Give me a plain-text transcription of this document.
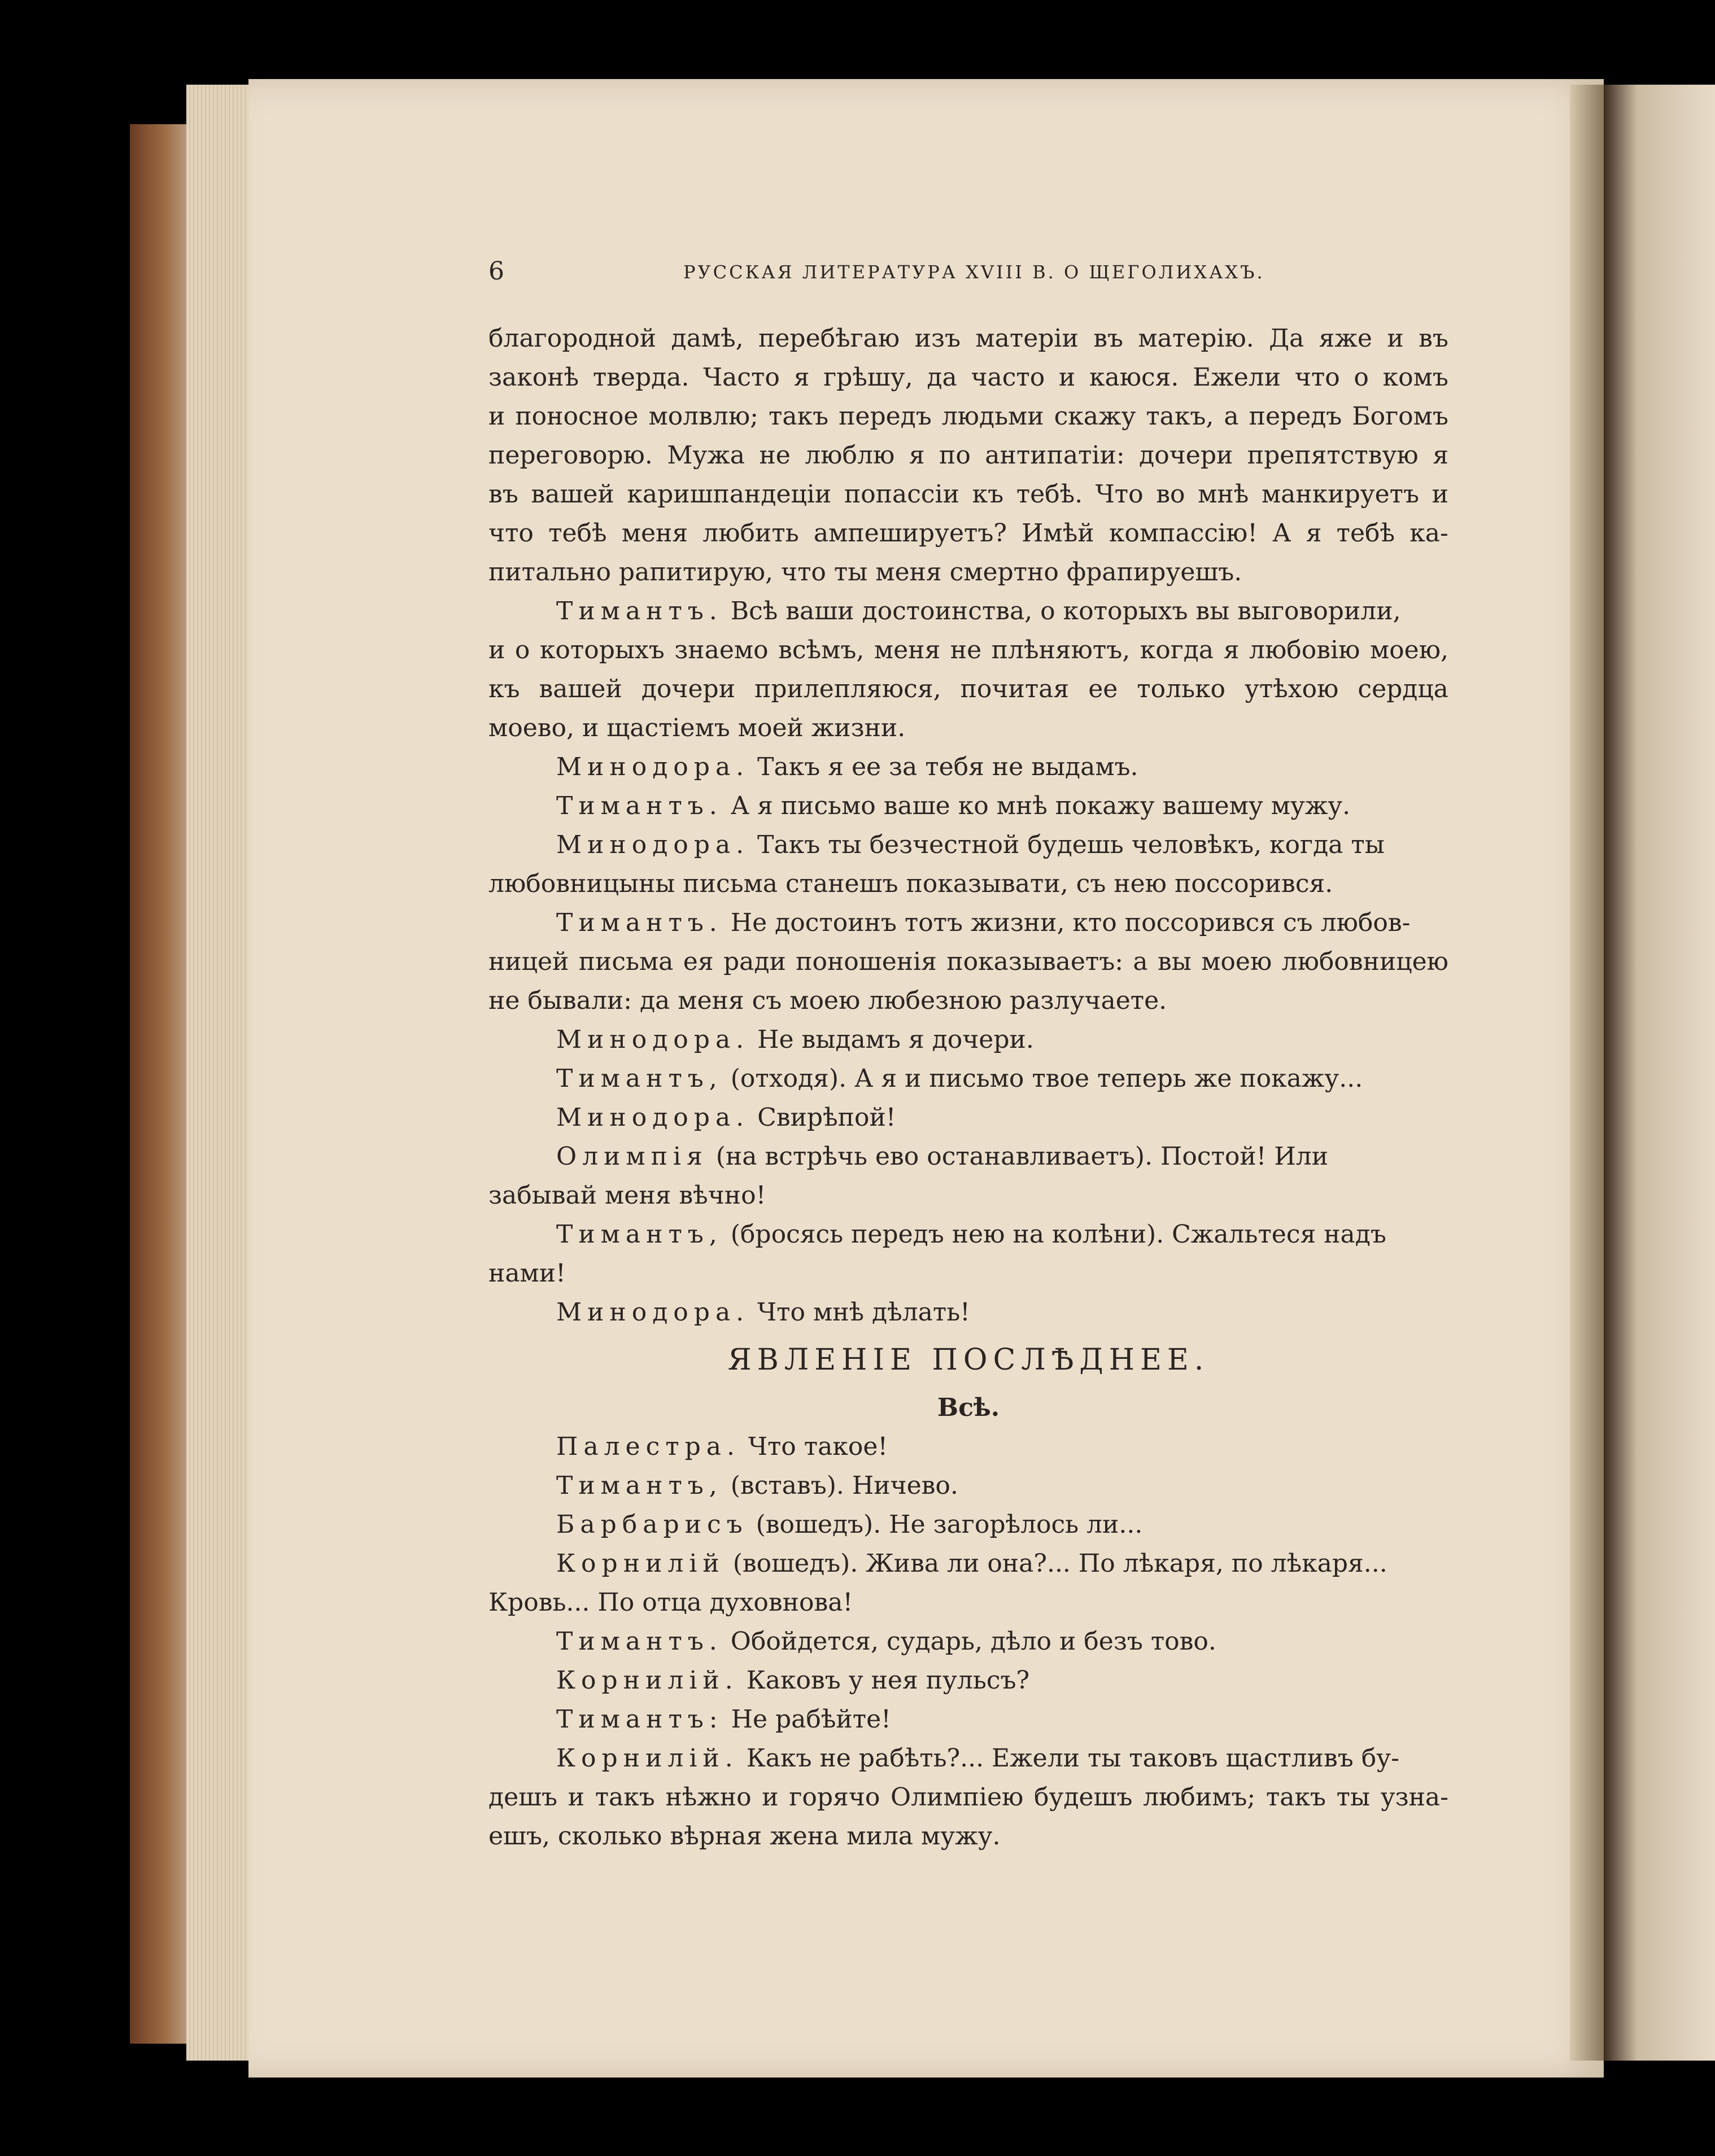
6	РУССКАЯ ЛИТЕРАТУРА XVIII В. О ЩЕГОЛИХАХЪ.
благородной дамѣ, перебѣгаю изъ матеріи въ матерію. Да яже и въ
законѣ тверда. Часто я грѣшу, да часто и каюся. Ежели что о комъ
и поносное молвлю; такъ передъ людьми скажу такъ, а передъ Богомъ
переговорю. Мужа не люблю я по антипатіи: дочери препятствую я
въ вашей каришпандеціи попассіи къ тебѣ. Что во мнѣ манкируетъ и
что тебѣ меня любить ампешируетъ? Имѣй компассію! А я тебѣ ка-
питально рапитирую, что ты меня смертно фрапируешъ.
Тимантъ. Всѣ ваши достоинства, о которыхъ вы выговорили,
и о которыхъ знаемо всѣмъ, меня не плѣняютъ, когда я любовію моею,
къ вашей дочери прилепляюся, почитая ее только утѣхою сердца
моево, и щастіемъ моей жизни.
Минодора. Такъ я ее за тебя не выдамъ.
Тимантъ. А я письмо ваше ко мнѣ покажу вашему мужу.
Минодора. Такъ ты безчестной будешь человѣкъ, когда ты
любовницыны письма станешъ показывати, съ нею поссорився.
Тимантъ. Не достоинъ тотъ жизни, кто поссорився съ любов-
ницей письма ея ради поношенія показываетъ: а вы моею любовницею
не бывали: да меня съ моею любезною разлучаете.
Минодора. Не выдамъ я дочери.
Тимантъ, (отходя). А я и письмо твое теперь же покажу...
Минодора. Свирѣпой!
Олимпія (на встрѣчь ево останавливаетъ). Постой! Или
забывай меня вѣчно!
Тимантъ, (бросясь передъ нею на колѣни). Сжальтеся надъ
нами!
Минодора. Что мнѣ дѣлать!
ЯВЛЕНІЕ ПОСЛѢДНЕЕ.
Всѣ.
Палестра. Что такое!
Тимантъ, (вставъ). Ничево.
Барбарисъ (вошедъ). Не загорѣлось ли...
Корнилій (вошедъ). Жива ли она?... По лѣкаря, по лѣкаря...
Кровь... По отца духовнова!
Тимантъ. Обойдется, сударь, дѣло и безъ тово.
Корнилій. Каковъ у нея пульсъ?
Тимантъ: Не рабѣйте!
Корнилій. Какъ не рабѣть?... Ежели ты таковъ щастливъ бу-
дешъ и такъ нѣжно и горячо Олимпіею будешъ любимъ; такъ ты узна-
ешъ, сколько вѣрная жена мила мужу.
